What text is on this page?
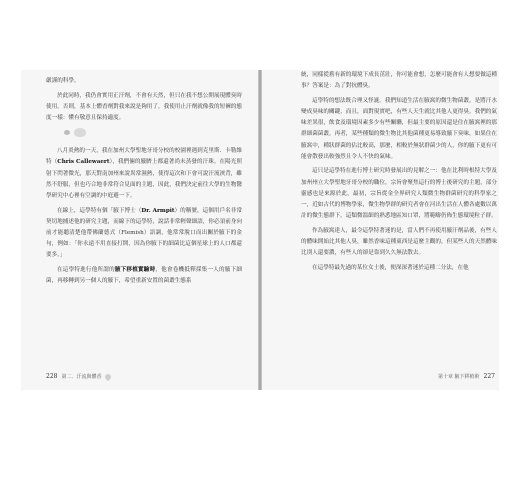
嚴謹的科學。

於此同時，我仍會實用正汗劑，不會有天然，但只在我不想公開展現體臭時使用。否則，基本上體香劑對我來說是夠用了，我使用止汗劑就像我的短褲的態度一樣：懂有敬意且保持適度。

八月炎熱的一天，我在加州大學聖地牙哥分校的校園裡遇到克里斯．卡勒維特（Chris Callewaert），我們倆的腋臍上都還著尚未蒸發的汗珠。在陽光照射下閃著微光，那天對南加州來說異常濕熱，使得這次和下會可說汗流浹背，雖然不舒服，但也巧合地非常符合見面的主題，因此，我們決定前往大學的生物醫學研究中心裡有空調的中庭避一下。

在線上，這學特有個「腋下博士（Dr. Armpit）的稱號，這個用戶名非常契切地捕述他的研究主題，而線下的這學特，說話非常輕聲細語，你必須前身向前才能聽清楚他帶佛蘭德式（Flemish）語調，他常常脫口而出關於腋下的金句，例如：「你永遠不用直接打開，因為你腋下的細菌比這個星球上的人口都還要多。」

在這學特進行他所謂的腋下移植實驗時，他會卷機抵釋採集一人的腋下細菌，再移轉到另一個人的腋下，希望重新安置的菌叢生態系

228 第二．汗流與體香

統，同樣從舊有新的環境下成長茁壯，你可能會想，怎麼可能會有人想要做這種事？答案是：為了對抗體臭。

這學特的想法既合理又怪誕。我們知道生活在腋窩的微生物菌叢，是將汗水變成臭味的關鍵，而且，面對現實吧，有些人天生就比其他人更得臭。我們的氣味差異很，飲食及環境因素多少有些關聯，但最主要的原因還是住在腋窩裡的那群細菌菌叢，再者，某些種類的微生物比其他菌種更易導致腋下臭味，如果住在腋窩中，種狀群菌的佔比較高，那麼，相較於無狀群菌少的人，你的腋下更有可能會散發出較強烈且令人不快的氣味。

這只是這學特在進行博士研究時發展出的見解之一：他在比利時根特大學及加州州立大學聖地牙哥分校的職位，宗旨會聚焦這行的博士後研究的主題，部分靈感也是來源於此，最初，宗旨從金全界研究人類微生物群菌研究的科學家之一，近如古代的博物學家，微生物學群的研究者會在河出生活在人體各處數以萬計的微生態群下，這類微溫細的熟悉地區知口罩，將範疇仍佈生態環境粒子群。

作為腋窩達人，最令這學特著迷的是，當人們不再使用腋汗劑品後，有些人的體味開始比其他人臭，雖然香味這種東西是這麼主觀的，但某些人的天然體味比別人還要濃，有些人的卻是靠到久久無法散去。

在這學特最先過的某位女士後，便深深著迷於這種二分法，在他

第十章 腋下移植術 227
